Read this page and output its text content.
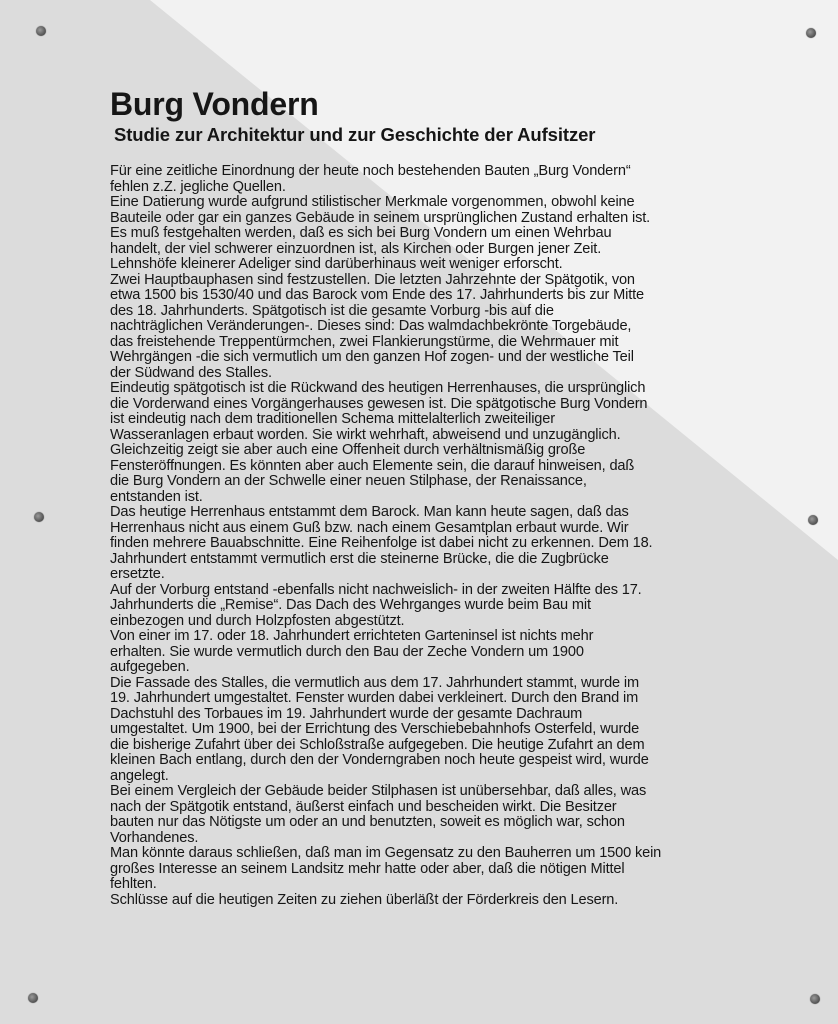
Burg Vondern
Studie zur Architektur und zur Geschichte der Aufsitzer
Für eine zeitliche Einordnung der heute noch bestehenden Bauten „Burg Vondern“
fehlen z.Z. jegliche Quellen.
Eine Datierung wurde aufgrund stilistischer Merkmale vorgenommen, obwohl keine
Bauteile oder gar ein ganzes Gebäude in seinem ursprünglichen Zustand erhalten ist.
Es muß festgehalten werden, daß es sich bei Burg Vondern um einen Wehrbau
handelt, der viel schwerer einzuordnen ist, als Kirchen oder Burgen jener Zeit.
Lehnshöfe kleinerer Adeliger sind darüberhinaus weit weniger erforscht.
Zwei Hauptbauphasen sind festzustellen. Die letzten Jahrzehnte der Spätgotik, von
etwa 1500 bis 1530/40 und das Barock vom Ende des 17. Jahrhunderts bis zur Mitte
des 18. Jahrhunderts. Spätgotisch ist die gesamte Vorburg -bis auf die
nachträglichen Veränderungen-. Dieses sind: Das walmdachbekrönte Torgebäude,
das freistehende Treppentürmchen, zwei Flankierungstürme, die Wehrmauer mit
Wehrgängen -die sich vermutlich um den ganzen Hof zogen- und der westliche Teil
der Südwand des Stalles.
Eindeutig spätgotisch ist die Rückwand des heutigen Herrenhauses, die ursprünglich
die Vorderwand eines Vorgängerhauses gewesen ist. Die spätgotische Burg Vondern
ist eindeutig nach dem traditionellen Schema mittelalterlich zweiteiliger
Wasseranlagen erbaut worden. Sie wirkt wehrhaft, abweisend und unzugänglich.
Gleichzeitig zeigt sie aber auch eine Offenheit durch verhältnismäßig große
Fensteröffnungen. Es könnten aber auch Elemente sein, die darauf hinweisen, daß
die Burg Vondern an der Schwelle einer neuen Stilphase, der Renaissance,
entstanden ist.
Das heutige Herrenhaus entstammt dem Barock. Man kann heute sagen, daß das
Herrenhaus nicht aus einem Guß bzw. nach einem Gesamtplan erbaut wurde. Wir
finden mehrere Bauabschnitte. Eine Reihenfolge ist dabei nicht zu erkennen. Dem 18.
Jahrhundert entstammt vermutlich erst die steinerne Brücke, die die Zugbrücke
ersetzte.
Auf der Vorburg entstand -ebenfalls nicht nachweislich- in der zweiten Hälfte des 17.
Jahrhunderts die „Remise“. Das Dach des Wehrganges wurde beim Bau mit
einbezogen und durch Holzpfosten abgestützt.
Von einer im 17. oder 18. Jahrhundert errichteten Garteninsel ist nichts mehr
erhalten. Sie wurde vermutlich durch den Bau der Zeche Vondern um 1900
aufgegeben.
Die Fassade des Stalles, die vermutlich aus dem 17. Jahrhundert stammt, wurde im
19. Jahrhundert umgestaltet. Fenster wurden dabei verkleinert. Durch den Brand im
Dachstuhl des Torbaues im 19. Jahrhundert wurde der gesamte Dachraum
umgestaltet. Um 1900, bei der Errichtung des Verschiebebahnhofs Osterfeld, wurde
die bisherige Zufahrt über dei Schloßstraße aufgegeben. Die heutige Zufahrt an dem
kleinen Bach entlang, durch den der Vonderngraben noch heute gespeist wird, wurde
angelegt.
Bei einem Vergleich der Gebäude beider Stilphasen ist unübersehbar, daß alles, was
nach der Spätgotik entstand, äußerst einfach und bescheiden wirkt. Die Besitzer
bauten nur das Nötigste um oder an und benutzten, soweit es möglich war, schon
Vorhandenes.
Man könnte daraus schließen, daß man im Gegensatz zu den Bauherren um 1500 kein
großes Interesse an seinem Landsitz mehr hatte oder aber, daß die nötigen Mittel
fehlten.
Schlüsse auf die heutigen Zeiten zu ziehen überläßt der Förderkreis den Lesern.
